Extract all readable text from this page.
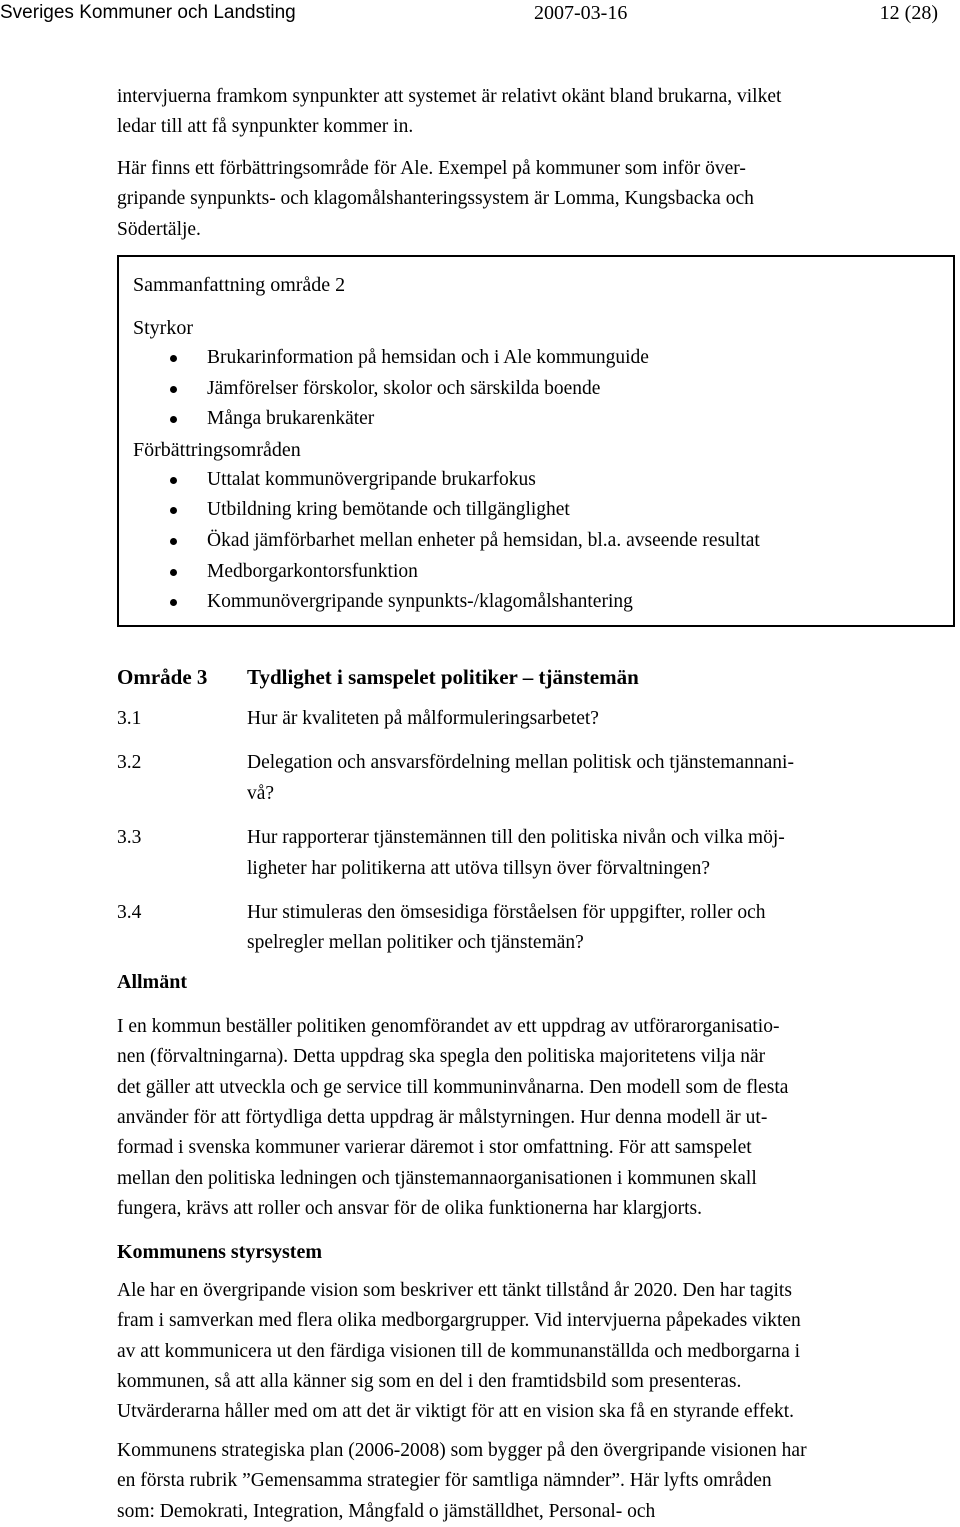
Sveriges Kommuner och Landsting	2007-03-16	12 (28)

intervjuerna framkom synpunkter att systemet är relativt okänt bland brukarna, vilket
ledar till att få synpunkter kommer in.

Här finns ett förbättringsområde för Ale. Exempel på kommuner som inför över-
gripande synpunkts- och klagomålshanteringssystem är Lomma, Kungsbacka och
Södertälje.

Sammanfattning område 2
Styrkor
Brukarinformation på hemsidan och i Ale kommunguide
Jämförelser förskolor, skolor och särskilda boende
Många brukarenkäter
Förbättringsområden
Uttalat kommunövergripande brukarfokus
Utbildning kring bemötande och tillgänglighet
Ökad jämförbarhet mellan enheter på hemsidan, bl.a. avseende resultat
Medborgarkontorsfunktion
Kommunövergripande synpunkts-/klagomålshantering
Område 3 Tydlighet i samspelet politiker – tjänstemän
3.1	Hur är kvaliteten på målformuleringsarbetet?
3.2	Delegation och ansvarsfördelning mellan politisk och tjänstemannani-
vå?
3.3	Hur rapporterar tjänstemännen till den politiska nivån och vilka möj-
ligheter har politikerna att utöva tillsyn över förvaltningen?
3.4	Hur stimuleras den ömsesidiga förståelsen för uppgifter, roller och
spelregler mellan politiker och tjänstemän?
Allmänt

I en kommun beställer politiken genomförandet av ett uppdrag av utförarorganisatio-
nen (förvaltningarna). Detta uppdrag ska spegla den politiska majoritetens vilja när
det gäller att utveckla och ge service till kommuninvånarna. Den modell som de flesta
använder för att förtydliga detta uppdrag är målstyrningen. Hur denna modell är ut-
formad i svenska kommuner varierar däremot i stor omfattning. För att samspelet
mellan den politiska ledningen och tjänstemannaorganisationen i kommunen skall
fungera, krävs att roller och ansvar för de olika funktionerna har klargjorts.

Kommunens styrsystem

Ale har en övergripande vision som beskriver ett tänkt tillstånd år 2020. Den har tagits
fram i samverkan med flera olika medborgargrupper. Vid intervjuerna påpekades vikten
av att kommunicera ut den färdiga visionen till de kommunanställda och medborgarna i
kommunen, så att alla känner sig som en del i den framtidsbild som presenteras.
Utvärderarna håller med om att det är viktigt för att en vision ska få en styrande effekt.

Kommunens strategiska plan (2006-2008) som bygger på den övergripande visionen har
en första rubrik ”Gemensamma strategier för samtliga nämnder”. Här lyfts områden
som: Demokrati, Integration, Mångfald o jämställdhet, Personal- och
